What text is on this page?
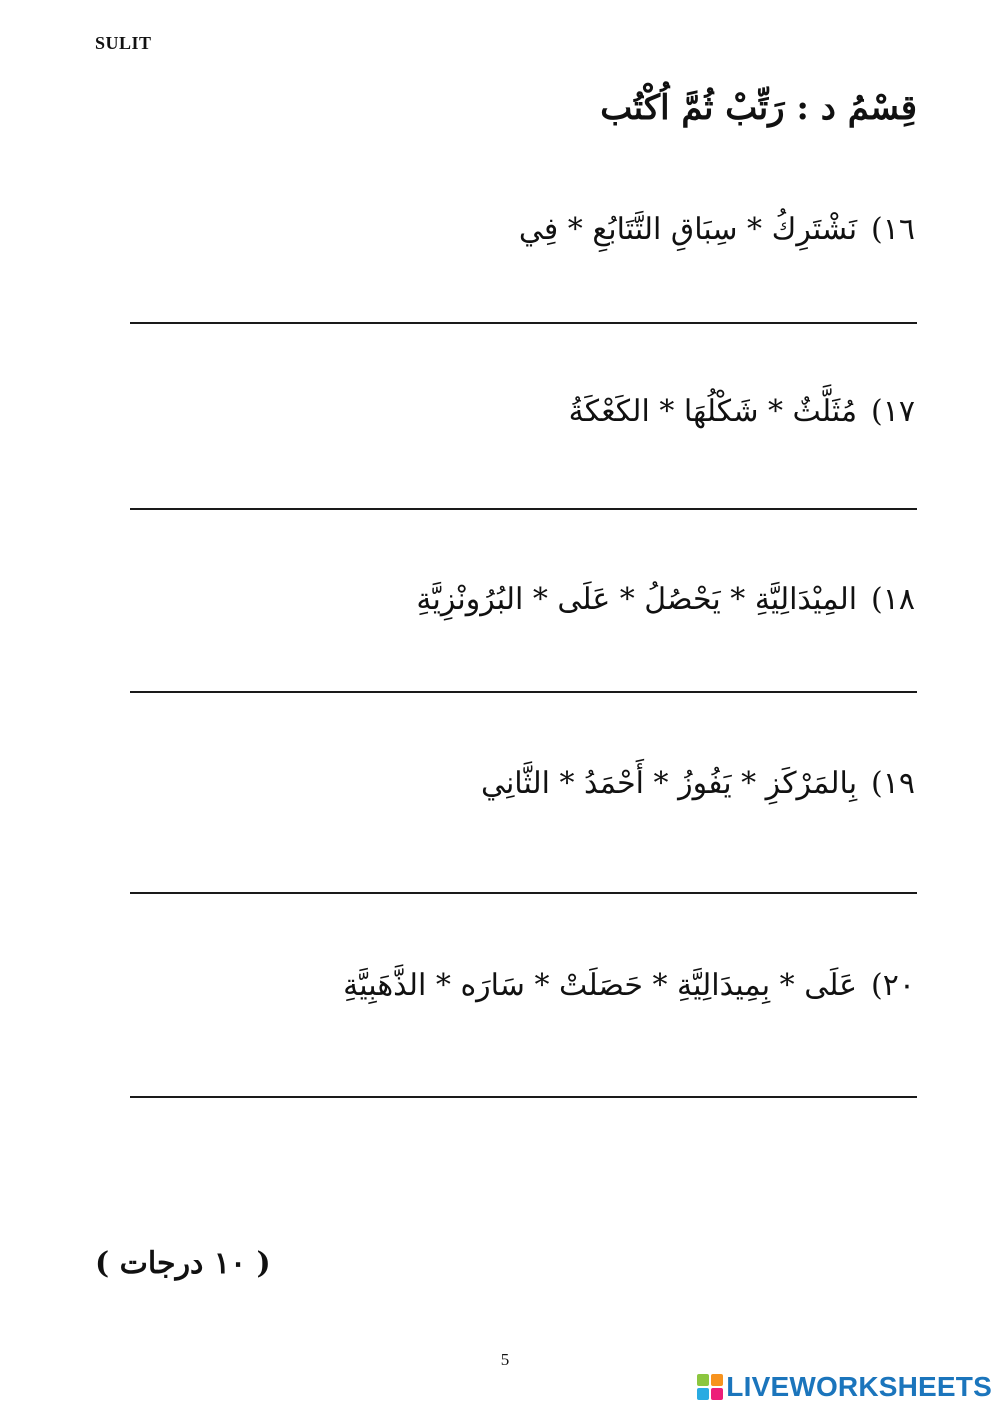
SULIT
قِسْمُ د : رَتِّبْ ثُمَّ اُكْتُب
١٦)نَشْتَرِكُ * سِبَاقِ التَّتَابُعِ * فِي
١٧)مُثَلَّثٌ * شَكْلُهَا * الكَعْكَةُ
١٨)المِيْدَالِيَّةِ * يَحْصُلُ * عَلَى * البُرُونْزِيَّةِ
١٩)بِالمَرْكَزِ * يَفُوزُ * أَحْمَدُ * الثَّانِي
٢٠)عَلَى * بِمِيدَالِيَّةِ * حَصَلَتْ * سَارَه * الذَّهَبِيَّةِ
( ١٠ درجات )
5
LIVEWORKSHEETS
